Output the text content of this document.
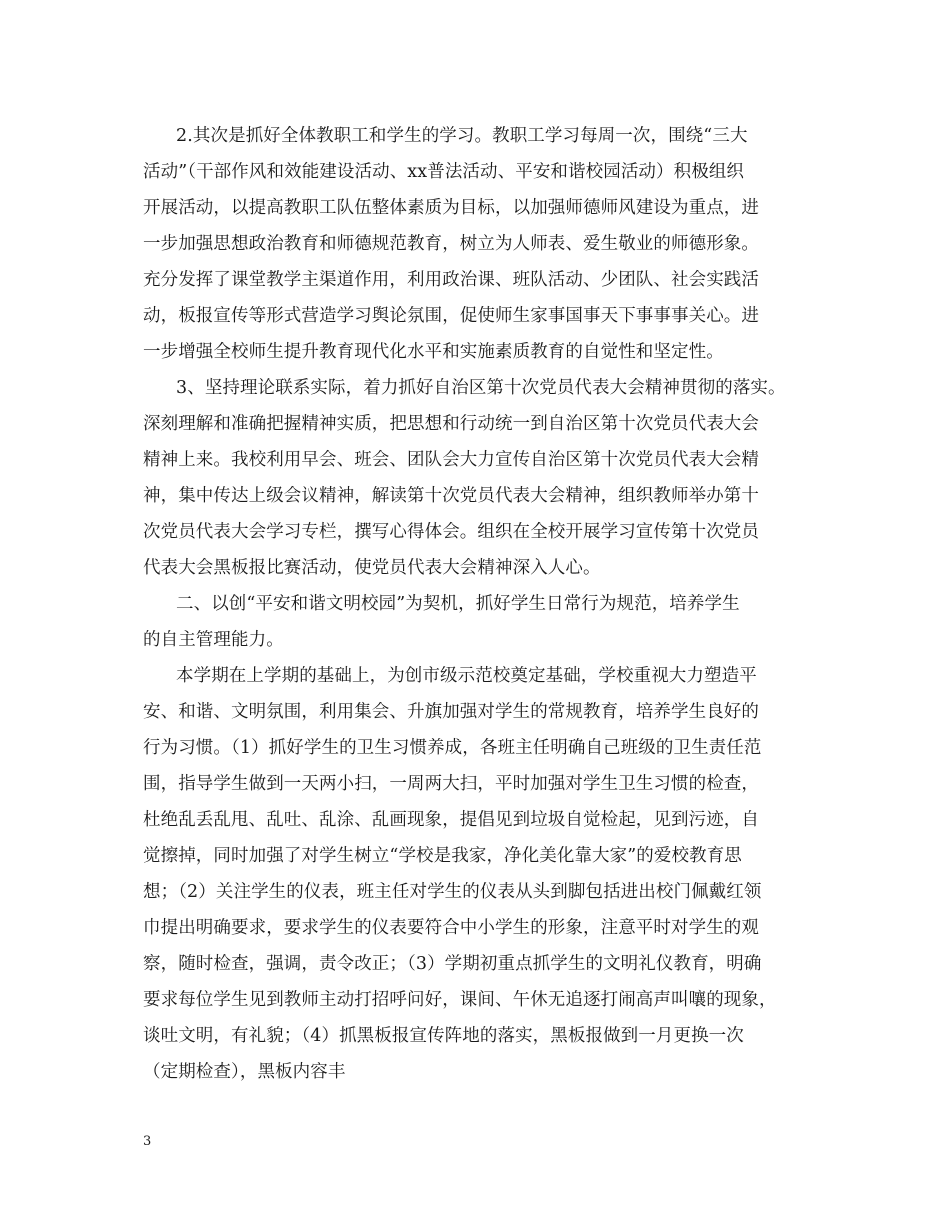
2.其次是抓好全体教职工和学生的学习。教职工学习每周一次，围绕“三大
活动”（干部作风和效能建设活动、xx普法活动、平安和谐校园活动）积极组织
开展活动，以提高教职工队伍整体素质为目标，以加强师德师风建设为重点，进
一步加强思想政治教育和师德规范教育，树立为人师表、爱生敬业的师德形象。
充分发挥了课堂教学主渠道作用，利用政治课、班队活动、少团队、社会实践活
动，板报宣传等形式营造学习舆论氛围，促使师生家事国事天下事事事关心。进
一步增强全校师生提升教育现代化水平和实施素质教育的自觉性和坚定性。
3、坚持理论联系实际，着力抓好自治区第十次党员代表大会精神贯彻的落实。
深刻理解和准确把握精神实质，把思想和行动统一到自治区第十次党员代表大会
精神上来。我校利用早会、班会、团队会大力宣传自治区第十次党员代表大会精
神，集中传达上级会议精神，解读第十次党员代表大会精神，组织教师举办第十
次党员代表大会学习专栏，撰写心得体会。组织在全校开展学习宣传第十次党员
代表大会黑板报比赛活动，使党员代表大会精神深入人心。
二、以创“平安和谐文明校园”为契机，抓好学生日常行为规范，培养学生
的自主管理能力。
本学期在上学期的基础上，为创市级示范校奠定基础，学校重视大力塑造平
安、和谐、文明氛围，利用集会、升旗加强对学生的常规教育，培养学生良好的
行为习惯。（1）抓好学生的卫生习惯养成，各班主任明确自己班级的卫生责任范
围，指导学生做到一天两小扫，一周两大扫，平时加强对学生卫生习惯的检查，
杜绝乱丢乱甩、乱吐、乱涂、乱画现象，提倡见到垃圾自觉检起，见到污迹，自
觉擦掉，同时加强了对学生树立“学校是我家，净化美化靠大家”的爱校教育思
想；（2）关注学生的仪表，班主任对学生的仪表从头到脚包括进出校门佩戴红领
巾提出明确要求，要求学生的仪表要符合中小学生的形象，注意平时对学生的观
察，随时检查，强调，责令改正；（3）学期初重点抓学生的文明礼仪教育，明确
要求每位学生见到教师主动打招呼问好，课间、午休无追逐打闹高声叫嚷的现象，
谈吐文明，有礼貌；（4）抓黑板报宣传阵地的落实，黑板报做到一月更换一次
（定期检查），黑板内容丰
3
